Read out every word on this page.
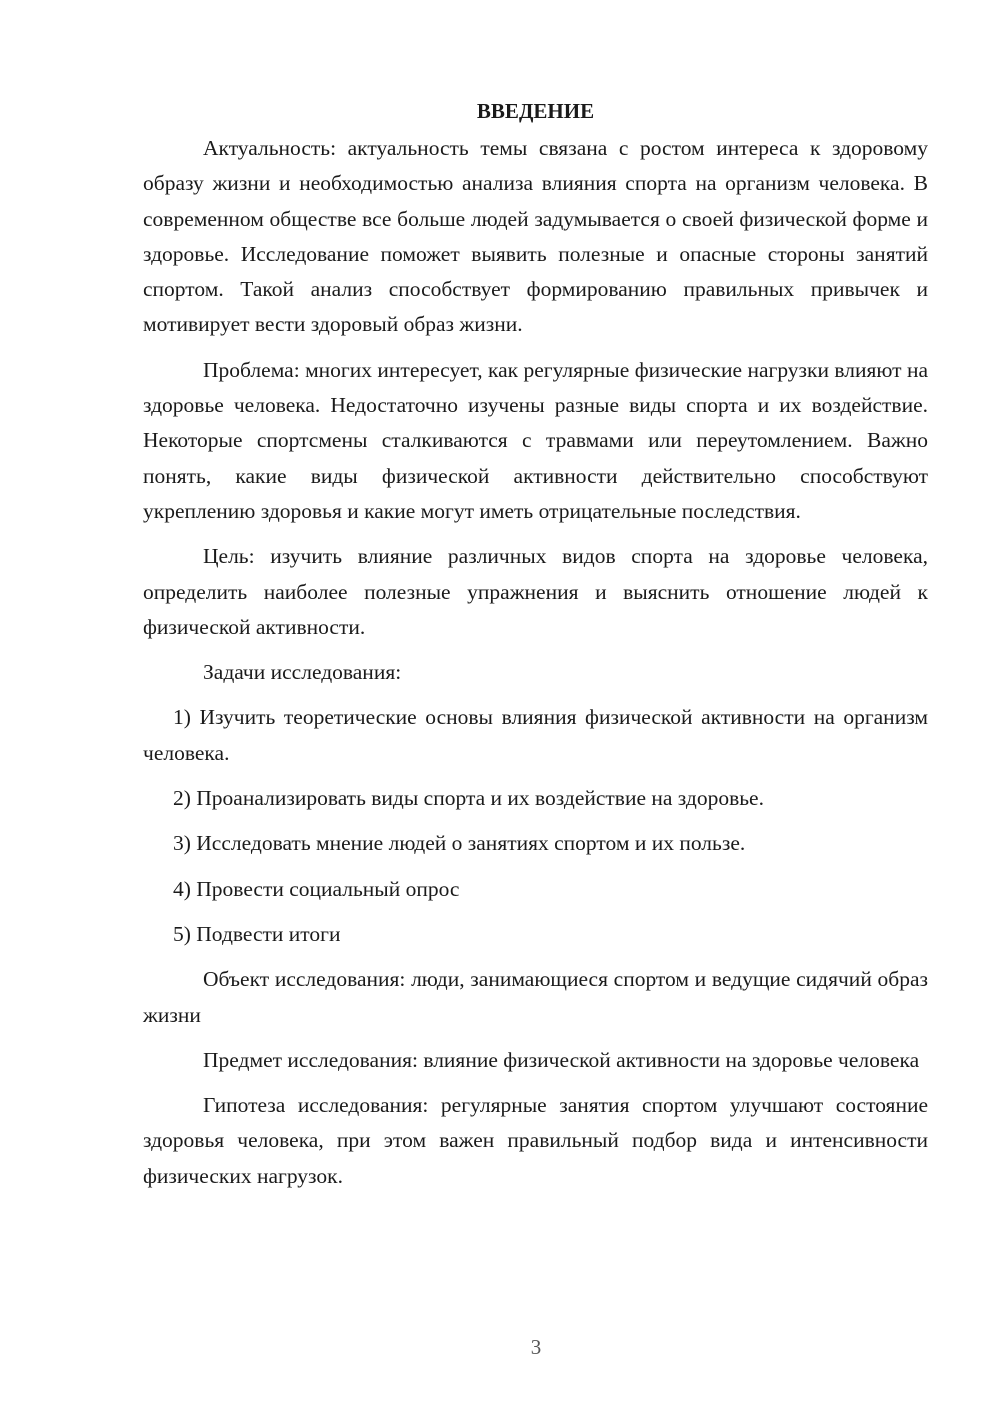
ВВЕДЕНИЕ

Актуальность: актуальность темы связана с ростом интереса к здоровому образу жизни и необходимостью анализа влияния спорта на организм человека. В современном обществе все больше людей задумывается о своей физической форме и здоровье. Исследование поможет выявить полезные и опасные стороны занятий спортом. Такой анализ способствует формированию правильных привычек и мотивирует вести здоровый образ жизни.

Проблема: многих интересует, как регулярные физические нагрузки влияют на здоровье человека. Недостаточно изучены разные виды спорта и их воздействие. Некоторые спортсмены сталкиваются с травмами или переутомлением. Важно понять, какие виды физической активности действительно способствуют укреплению здоровья и какие могут иметь отрицательные последствия.

Цель: изучить влияние различных видов спорта на здоровье человека, определить наиболее полезные упражнения и выяснить отношение людей к физической активности.

Задачи исследования:

1) Изучить теоретические основы влияния физической активности на организм человека.

2) Проанализировать виды спорта и их воздействие на здоровье.

3) Исследовать мнение людей о занятиях спортом и их пользе.

4) Провести социальный опрос

5) Подвести итоги

Объект исследования: люди, занимающиеся спортом и ведущие сидячий образ жизни

Предмет исследования: влияние физической активности на здоровье человека

Гипотеза исследования: регулярные занятия спортом улучшают состояние здоровья человека, при этом важен правильный подбор вида и интенсивности физических нагрузок.

3
